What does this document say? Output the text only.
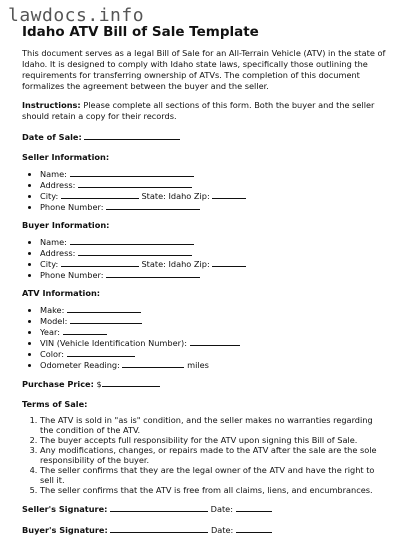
lawdocs.info
Idaho ATV Bill of Sale Template

This document serves as a legal Bill of Sale for an All-Terrain Vehicle (ATV) in the state of Idaho. It is designed to comply with Idaho state laws, specifically those outlining the requirements for transferring ownership of ATVs. The completion of this document formalizes the agreement between the buyer and the seller.

Instructions: Please complete all sections of this form. Both the buyer and the seller should retain a copy for their records.

Date of Sale:
Seller Information:
• Name:
• Address:
• City:	State: Idaho Zip:
• Phone Number:
Buyer Information:
• Name:
• Address:
• City:	State: Idaho Zip:
• Phone Number:
ATV Information:
• Make:
• Model:
• Year:
• VIN (Vehicle Identification Number):
• Color:
• Odometer Reading:	miles
Purchase Price: $
Terms of Sale:
1. The ATV is sold in "as is" condition, and the seller makes no warranties regarding the condition of the ATV.
2. The buyer accepts full responsibility for the ATV upon signing this Bill of Sale.
3. Any modifications, changes, or repairs made to the ATV after the sale are the sole responsibility of the buyer.
4. The seller confirms that they are the legal owner of the ATV and have the right to sell it.
5. The seller confirms that the ATV is free from all claims, liens, and encumbrances.
Seller's Signature:	Date:
Buyer's Signature:	Date:
